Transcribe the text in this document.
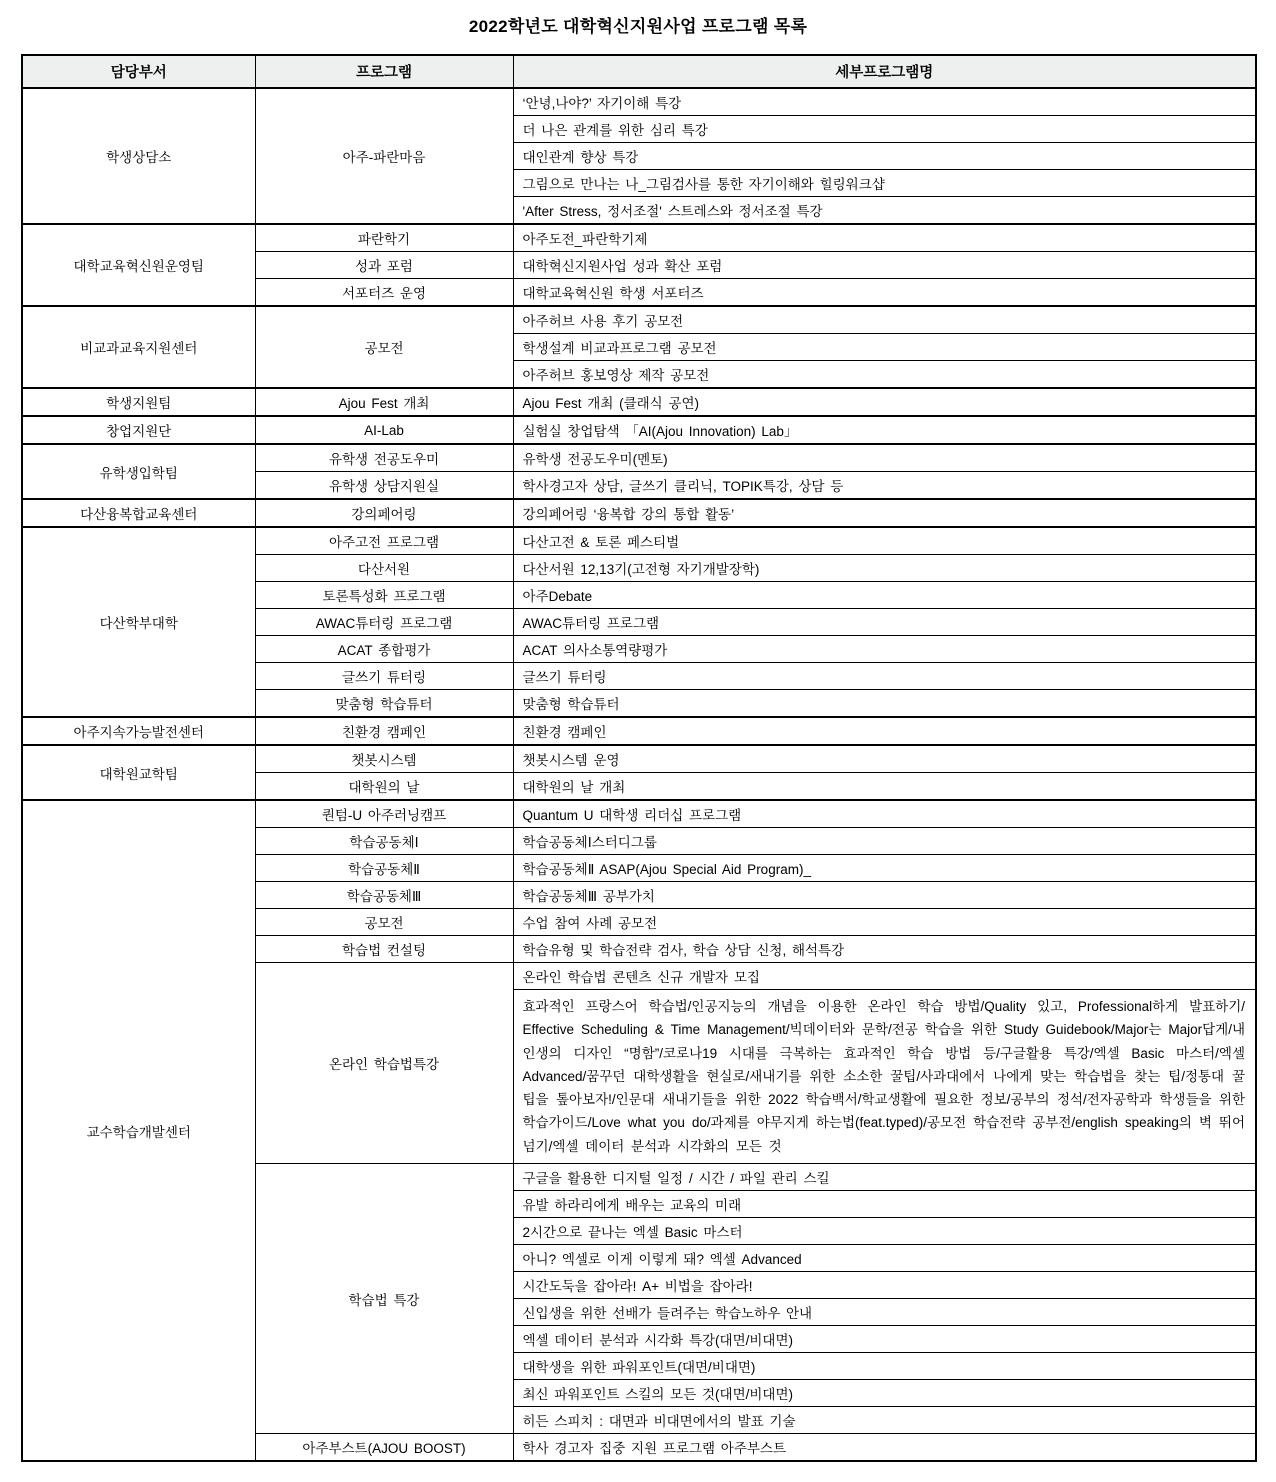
2022학년도 대학혁신지원사업 프로그램 목록
담당부서	프로그램	세부프로그램명
학생상담소	아주-파란마음	‘안녕,나야?’ 자기이해 특강
		더 나은 관계를 위한 심리 특강
		대인관계 향상 특강
		그림으로 만나는 나_그림검사를 통한 자기이해와 힐링워크샵
		'After Stress, 정서조절' 스트레스와 정서조절 특강
대학교육혁신원운영팀	파란학기	아주도전_파란학기제
	성과 포럼	대학혁신지원사업 성과 확산 포럼
	서포터즈 운영	대학교육혁신원 학생 서포터즈
비교과교육지원센터	공모전	아주허브 사용 후기 공모전
		학생설계 비교과프로그램 공모전
		아주허브 홍보영상 제작 공모전
학생지원팀	Ajou Fest 개최	Ajou Fest 개최 (클래식 공연)
창업지원단	AI-Lab	실험실 창업탐색 「AI(Ajou Innovation) Lab」
유학생입학팀	유학생 전공도우미	유학생 전공도우미(멘토)
	유학생 상담지원실	학사경고자 상담, 글쓰기 클리닉, TOPIK특강, 상담 등
다산융복합교육센터	강의페어링	강의페어링 ‘융복합 강의 통합 활동’
다산학부대학	아주고전 프로그램	다산고전 & 토론 페스티벌
	다산서원	다산서원 12,13기(고전형 자기개발장학)
	토론특성화 프로그램	아주Debate
	AWAC튜터링 프로그램	AWAC튜터링 프로그램
	ACAT 종합평가	ACAT 의사소통역량평가
	글쓰기 튜터링	글쓰기 튜터링
	맞춤형 학습튜터	맞춤형 학습튜터
아주지속가능발전센터	친환경 캠페인	친환경 캠페인
대학원교학팀	챗봇시스템	챗봇시스템 운영
	대학원의 날	대학원의 날 개최
교수학습개발센터	퀀텀-U 아주러닝캠프	Quantum U 대학생 리더십 프로그램
	학습공동체Ⅰ	학습공동체Ⅰ스터디그룹
	학습공동체Ⅱ	학습공동체Ⅱ ASAP(Ajou Special Aid Program)_
	학습공동체Ⅲ	학습공동체Ⅲ 공부가치
	공모전	수업 참여 사례 공모전
	학습법 컨설팅	학습유형 및 학습전략 검사, 학습 상담 신청, 해석특강
	온라인 학습법특강	온라인 학습법 콘텐츠 신규 개발자 모집
		효과적인 프랑스어 학습법/인공지능의 개념을 이용한 온라인 학습 방법/Quality 있고, Professional하게 발표하기/ Effective Scheduling & Time Management/빅데이터와 문학/전공 학습을 위한 Study Guidebook/Major는 Major답게/내 인생의 디자인 “명함”/코로나19 시대를 극복하는 효과적인 학습 방법 등/구글활용 특강/엑셀 Basic 마스터/엑셀 Advanced/꿈꾸던 대학생활을 현실로/새내기를 위한 소소한 꿀팁/사과대에서 나에게 맞는 학습법을 찾는 팁/정통대 꿀팁을 톺아보자!/인문대 새내기들을 위한 2022 학습백서/학교생활에 필요한 정보/공부의 정석/전자공학과 학생들을 위한 학습가이드/Love what you do/과제를 야무지게 하는법(feat.typed)/공모전 학습전략 공부전/english speaking의 벽 뛰어넘기/엑셀 데이터 분석과 시각화의 모든 것
	학습법 특강	구글을 활용한 디지털 일정 / 시간 / 파일 관리 스킬
		유발 하라리에게 배우는 교육의 미래
		2시간으로 끝나는 엑셀 Basic 마스터
		아니? 엑셀로 이게 이렇게 돼? 엑셀 Advanced
		시간도둑을 잡아라! A+ 비법을 잡아라!
		신입생을 위한 선배가 들려주는 학습노하우 안내
		엑셀 데이터 분석과 시각화 특강(대면/비대면)
		대학생을 위한 파워포인트(대면/비대면)
		최신 파워포인트 스킬의 모든 것(대면/비대면)
		히든 스피치 : 대면과 비대면에서의 발표 기술
	아주부스트(AJOU BOOST)	학사 경고자 집중 지원 프로그램 아주부스트
